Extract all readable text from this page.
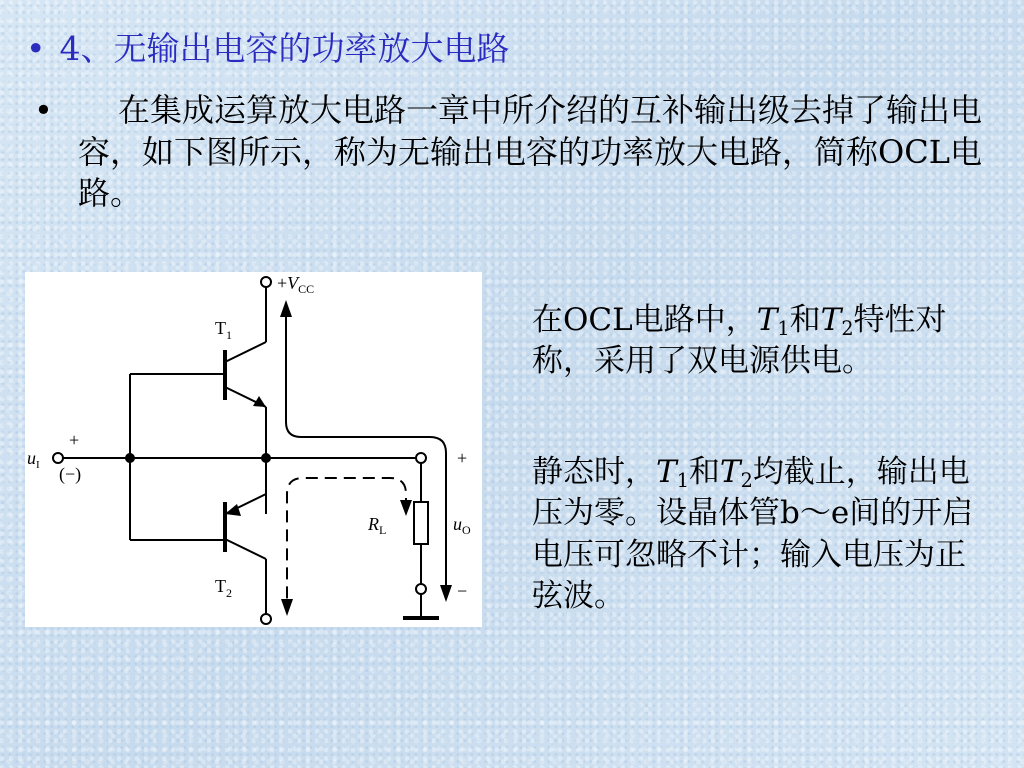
• 4、无输出电容的功率放大电路
•	在集成运算放大电路一章中所介绍的互补输出级去掉了输出电容，如下图所示，称为无输出电容的功率放大电路，简称OCL电路。
$+V_{CC}$
$T_1$
$T_2$
$u_I$
+
(−)
$R_L$	$u_O$
+
−
在OCL电路中，$T_1$和$T_2$特性对称，采用了双电源供电。
静态时，$T_1$和$T_2$均截止，输出电压为零。设晶体管b～e间的开启电压可忽略不计；输入电压为正弦波。
